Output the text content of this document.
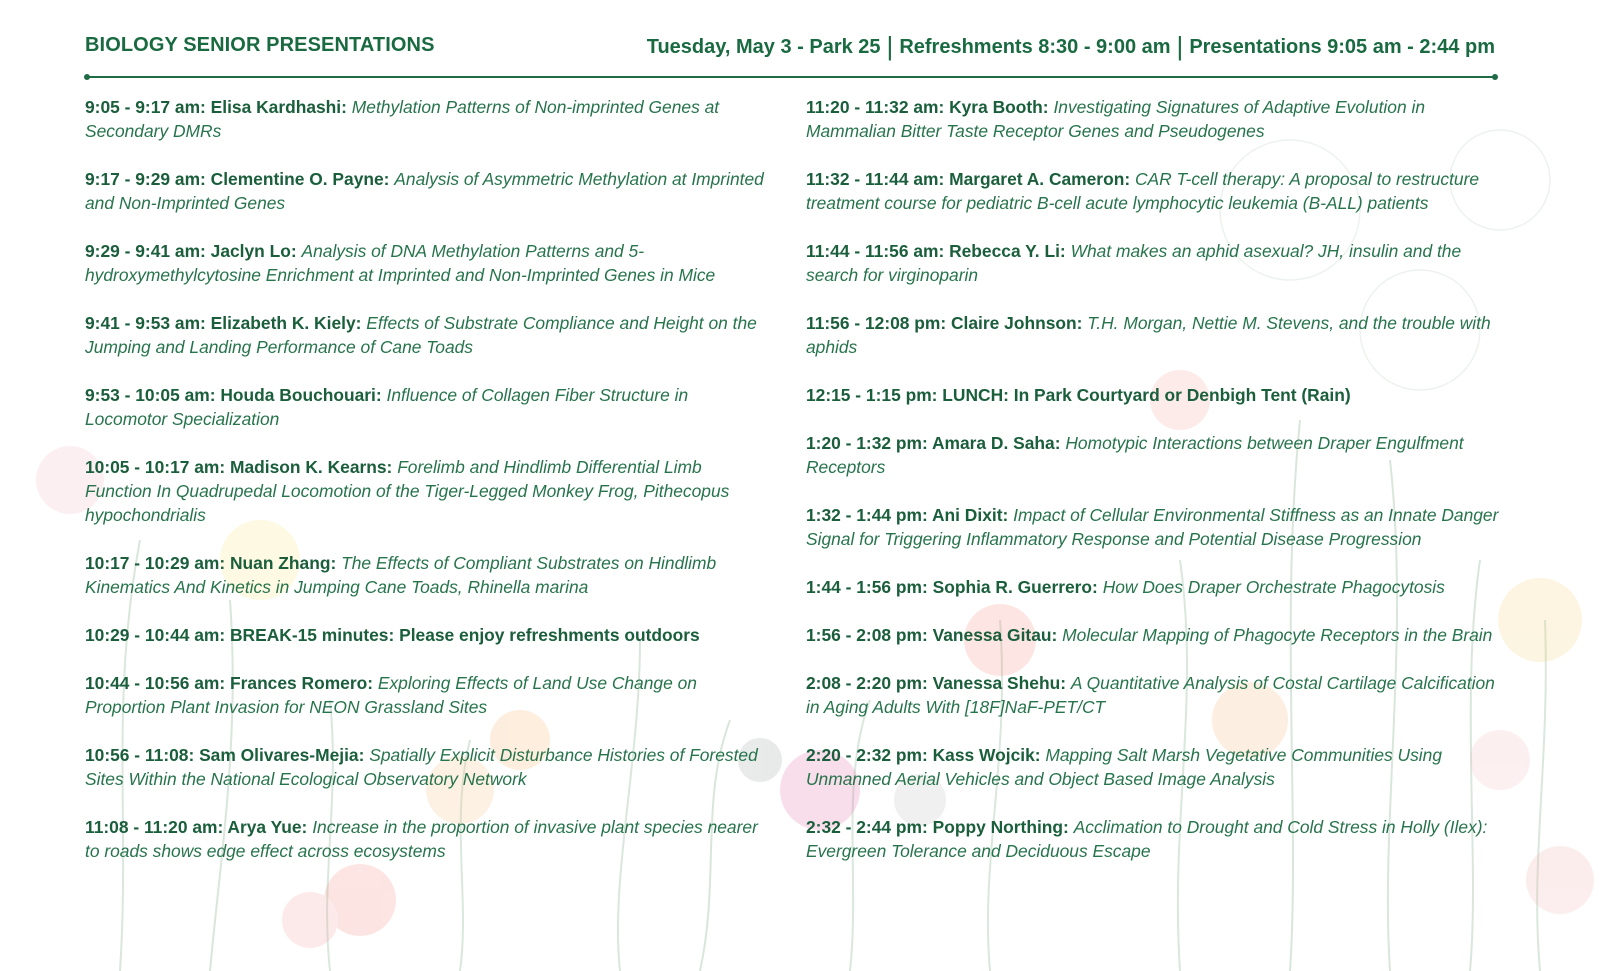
BIOLOGY SENIOR PRESENTATIONS	Tuesday, May 3 - Park 25 | Refreshments 8:30 - 9:00 am | Presentations 9:05 am - 2:44 pm
9:05 - 9:17 am: Elisa Kardhashi: Methylation Patterns of Non-imprinted Genes at Secondary DMRs
9:17 - 9:29 am: Clementine O. Payne: Analysis of Asymmetric Methylation at Imprinted and Non-Imprinted Genes
9:29 - 9:41 am: Jaclyn Lo: Analysis of DNA Methylation Patterns and 5-hydroxymethylcytosine Enrichment at Imprinted and Non-Imprinted Genes in Mice
9:41 - 9:53 am: Elizabeth K. Kiely: Effects of Substrate Compliance and Height on the Jumping and Landing Performance of Cane Toads
9:53 - 10:05 am: Houda Bouchouari: Influence of Collagen Fiber Structure in Locomotor Specialization
10:05 - 10:17 am: Madison K. Kearns: Forelimb and Hindlimb Differential Limb Function In Quadrupedal Locomotion of the Tiger-Legged Monkey Frog, Pithecopus hypochondrialis
10:17 - 10:29 am: Nuan Zhang: The Effects of Compliant Substrates on Hindlimb Kinematics And Kinetics in Jumping Cane Toads, Rhinella marina
10:29 - 10:44 am: BREAK-15 minutes: Please enjoy refreshments outdoors
10:44 - 10:56 am: Frances Romero: Exploring Effects of Land Use Change on Proportion Plant Invasion for NEON Grassland Sites
10:56 - 11:08: Sam Olivares-Mejia: Spatially Explicit Disturbance Histories of Forested Sites Within the National Ecological Observatory Network
11:08 - 11:20 am: Arya Yue: Increase in the proportion of invasive plant species nearer to roads shows edge effect across ecosystems
11:20 - 11:32 am: Kyra Booth: Investigating Signatures of Adaptive Evolution in Mammalian Bitter Taste Receptor Genes and Pseudogenes
11:32 - 11:44 am: Margaret A. Cameron: CAR T-cell therapy: A proposal to restructure treatment course for pediatric B-cell acute lymphocytic leukemia (B-ALL) patients
11:44 - 11:56 am: Rebecca Y. Li: What makes an aphid asexual? JH, insulin and the search for virginoparin
11:56 - 12:08 pm: Claire Johnson: T.H. Morgan, Nettie M. Stevens, and the trouble with aphids
12:15 - 1:15 pm: LUNCH: In Park Courtyard or Denbigh Tent (Rain)
1:20 - 1:32 pm: Amara D. Saha: Homotypic Interactions between Draper Engulfment Receptors
1:32 - 1:44 pm: Ani Dixit: Impact of Cellular Environmental Stiffness as an Innate Danger Signal for Triggering Inflammatory Response and Potential Disease Progression
1:44 - 1:56 pm: Sophia R. Guerrero: How Does Draper Orchestrate Phagocytosis
1:56 - 2:08 pm: Vanessa Gitau: Molecular Mapping of Phagocyte Receptors in the Brain
2:08 - 2:20 pm: Vanessa Shehu: A Quantitative Analysis of Costal Cartilage Calcification in Aging Adults With [18F]NaF-PET/CT
2:20 - 2:32 pm: Kass Wojcik: Mapping Salt Marsh Vegetative Communities Using Unmanned Aerial Vehicles and Object Based Image Analysis
2:32 - 2:44 pm: Poppy Northing: Acclimation to Drought and Cold Stress in Holly (Ilex): Evergreen Tolerance and Deciduous Escape
